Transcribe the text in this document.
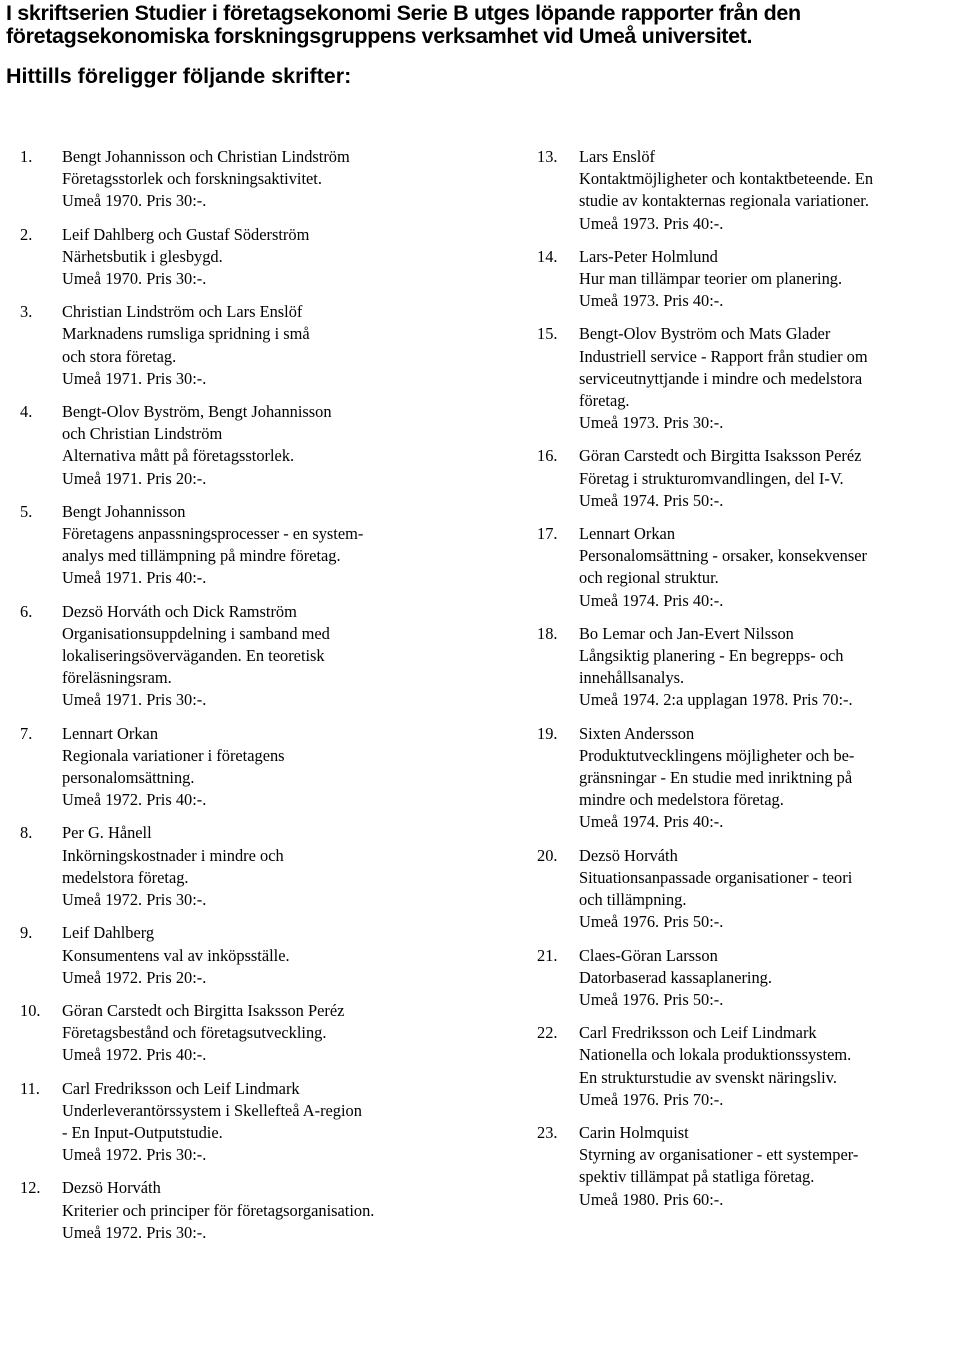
I skriftserien Studier i företagsekonomi Serie B utges löpande rapporter från den
företagsekonomiska forskningsgruppens verksamhet vid Umeå universitet.
Hittills föreligger följande skrifter:
1.	Bengt Johannisson och Christian Lindström
Företagsstorlek och forskningsaktivitet.
Umeå 1970. Pris 30:-.
2.	Leif Dahlberg och Gustaf Söderström
Närhetsbutik i glesbygd.
Umeå 1970. Pris 30:-.
3.	Christian Lindström och Lars Enslöf
Marknadens rumsliga spridning i små
och stora företag.
Umeå 1971. Pris 30:-.
4.	Bengt-Olov Byström, Bengt Johannisson
och Christian Lindström
Alternativa mått på företagsstorlek.
Umeå 1971. Pris 20:-.
5.	Bengt Johannisson
Företagens anpassningsprocesser - en system-
analys med tillämpning på mindre företag.
Umeå 1971. Pris 40:-.
6.	Dezsö Horváth och Dick Ramström
Organisationsuppdelning i samband med
lokaliseringsöverväganden. En teoretisk
föreläsningsram.
Umeå 1971. Pris 30:-.
7.	Lennart Orkan
Regionala variationer i företagens
personalomsättning.
Umeå 1972. Pris 40:-.
8.	Per G. Hånell
Inkörningskostnader i mindre och
medelstora företag.
Umeå 1972. Pris 30:-.
9.	Leif Dahlberg
Konsumentens val av inköpsställe.
Umeå 1972. Pris 20:-.
10.	Göran Carstedt och Birgitta Isaksson Peréz
Företagsbestånd och företagsutveckling.
Umeå 1972. Pris 40:-.
11.	Carl Fredriksson och Leif Lindmark
Underleverantörssystem i Skellefteå A-region
- En Input-Outputstudie.
Umeå 1972. Pris 30:-.
12.	Dezsö Horváth
Kriterier och principer för företagsorganisation.
Umeå 1972. Pris 30:-.
13.	Lars Enslöf
Kontaktmöjligheter och kontaktbeteende. En
studie av kontakternas regionala variationer.
Umeå 1973. Pris 40:-.
14.	Lars-Peter Holmlund
Hur man tillämpar teorier om planering.
Umeå 1973. Pris 40:-.
15.	Bengt-Olov Byström och Mats Glader
Industriell service - Rapport från studier om
serviceutnyttjande i mindre och medelstora
företag.
Umeå 1973. Pris 30:-.
16.	Göran Carstedt och Birgitta Isaksson Peréz
Företag i strukturomvandlingen, del I-V.
Umeå 1974. Pris 50:-.
17.	Lennart Orkan
Personalomsättning - orsaker, konsekvenser
och regional struktur.
Umeå 1974. Pris 40:-.
18.	Bo Lemar och Jan-Evert Nilsson
Långsiktig planering - En begrepps- och
innehållsanalys.
Umeå 1974. 2:a upplagan 1978. Pris 70:-.
19.	Sixten Andersson
Produktutvecklingens möjligheter och be-
gränsningar - En studie med inriktning på
mindre och medelstora företag.
Umeå 1974. Pris 40:-.
20.	Dezsö Horváth
Situationsanpassade organisationer - teori
och tillämpning.
Umeå 1976. Pris 50:-.
21.	Claes-Göran Larsson
Datorbaserad kassaplanering.
Umeå 1976. Pris 50:-.
22.	Carl Fredriksson och Leif Lindmark
Nationella och lokala produktionssystem.
En strukturstudie av svenskt näringsliv.
Umeå 1976. Pris 70:-.
23.	Carin Holmquist
Styrning av organisationer - ett systemper-
spektiv tillämpat på statliga företag.
Umeå 1980. Pris 60:-.
